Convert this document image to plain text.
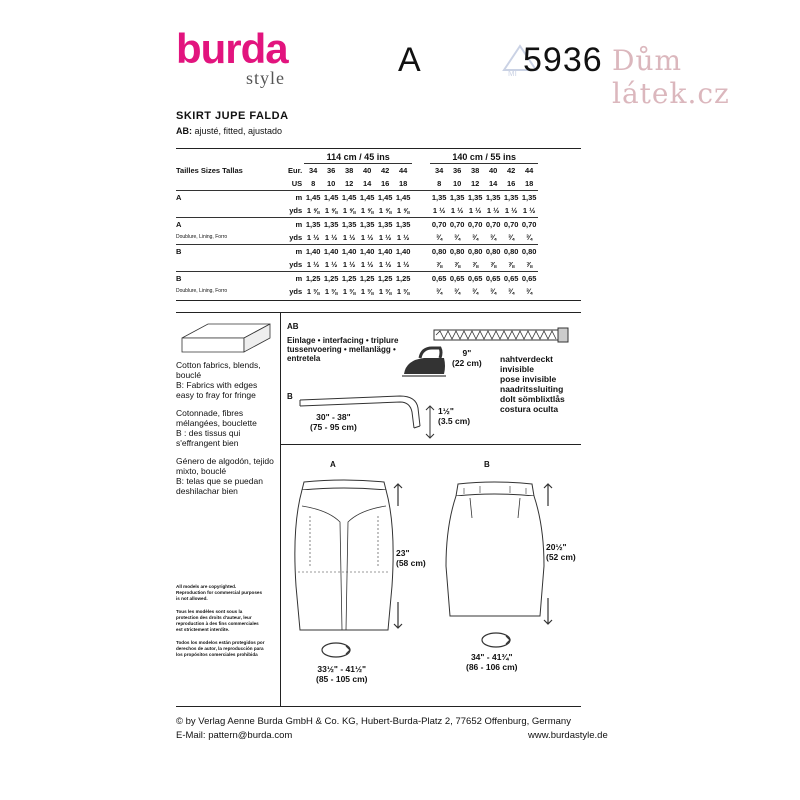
burda
style	A	MI 5936 Dům látek.cz
SKIRT JUPE FALDA
AB: ajusté, fitted, ajustado
		114 cm / 45 ins							140 cm / 55 ins					
Tailles Sizes Tallas	Eur.	34	36	38	40	42	44		34	36	38	40	42	44
	US	8	10	12	14	16	18		8	10	12	14	16	18
A	m	1,45	1,45	1,45	1,45	1,45	1,45		1,35	1,35	1,35	1,35	1,35	1,35
	yds	1 ⅝	1 ⅝	1 ⅝	1 ⅝	1 ⅝	1 ⅝		1 ½	1 ½	1 ½	1 ½	1 ½	1 ½
A	m	1,35	1,35	1,35	1,35	1,35	1,35		0,70	0,70	0,70	0,70	0,70	0,70

Doublure, Lining, Forro	yds	1 ½	1 ½	1 ½	1 ½	1 ½	1 ½		¾	¾	¾	¾	¾	¾
B	m	1,40	1,40	1,40	1,40	1,40	1,40		0,80	0,80	0,80	0,80	0,80	0,80
	yds	1 ½	1 ½	1 ½	1 ½	1 ½	1 ½		⅞	⅞	⅞	⅞	⅞	⅞
B	m	1,25	1,25	1,25	1,25	1,25	1,25		0,65	0,65	0,65	0,65	0,65	0,65

Doublure, Lining, Forro	yds	1 ⅜	1 ⅜	1 ⅜	1 ⅜	1 ⅜	1 ⅜		¾	¾	¾	¾	¾	¾

Cotton fabrics, blends, bouclé
B: Fabrics with edges easy to fray for fringe

Cotonnade, fibres mélangées, bouclette
B : des tissus qui s'effrangent bien

Género de algodón, tejido mixto, bouclé
B: telas que se puedan deshilachar bien

All models are copyrighted. Reproduction for commercial purposes is not allowed.

Tous les modèles sont sous la protection des droits d'auteur, leur reproduction à des fins commerciales est strictement interdite.

Todos los modelos están protegidos por derechos de autor, la reproducción para los propósitos comerciales prohibida

AB
Einlage • interfacing • triplure
tussenvoering • mellanlägg •
entretela
9"
(22 cm) nahtverdeckt
invisible
pose invisible
naadritssluiting
dolt sömblixtlås
costura oculta
B
30" - 38"
(75 - 95 cm)
1½"
(3.5 cm)
A
23"
(58 cm)
33½" - 41½"
(85 - 105 cm)
B
20½"
(52 cm)
34" - 41¾"
(86 - 106 cm)
© by Verlag Aenne Burda GmbH & Co. KG, Hubert-Burda-Platz 2, 77652 Offenburg, Germany
E-Mail: pattern@burda.com	www.burdastyle.de
